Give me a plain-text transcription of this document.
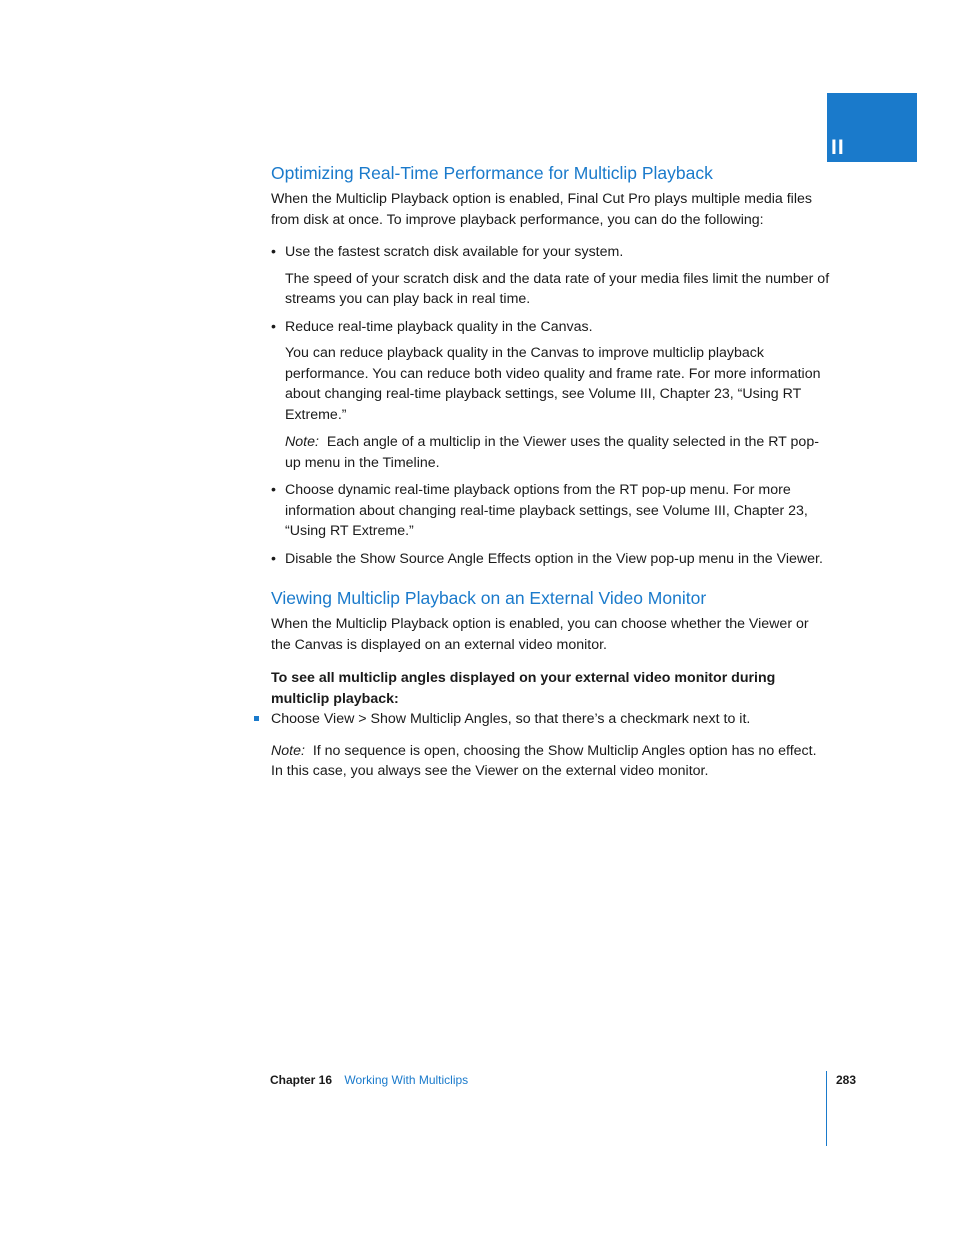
II
Optimizing Real-Time Performance for Multiclip Playback

When the Multiclip Playback option is enabled, Final Cut Pro plays multiple media files from disk at once. To improve playback performance, you can do the following:

• Use the fastest scratch disk available for your system.
The speed of your scratch disk and the data rate of your media files limit the number of streams you can play back in real time.
• Reduce real-time playback quality in the Canvas.
You can reduce playback quality in the Canvas to improve multiclip playback performance. You can reduce both video quality and frame rate. For more information about changing real-time playback settings, see Volume III, Chapter 23, “Using RT Extreme.”
Note: Each angle of a multiclip in the Viewer uses the quality selected in the RT pop-up menu in the Timeline.
• Choose dynamic real-time playback options from the RT pop-up menu. For more information about changing real-time playback settings, see Volume III, Chapter 23, “Using RT Extreme.”
• Disable the Show Source Angle Effects option in the View pop-up menu in the Viewer.
Viewing Multiclip Playback on an External Video Monitor

When the Multiclip Playback option is enabled, you can choose whether the Viewer or the Canvas is displayed on an external video monitor.

To see all multiclip angles displayed on your external video monitor during multiclip playback:

Choose View > Show Multiclip Angles, so that there’s a checkmark next to it.

Note: If no sequence is open, choosing the Show Multiclip Angles option has no effect. In this case, you always see the Viewer on the external video monitor.

Chapter 16 Working With Multiclips	283
